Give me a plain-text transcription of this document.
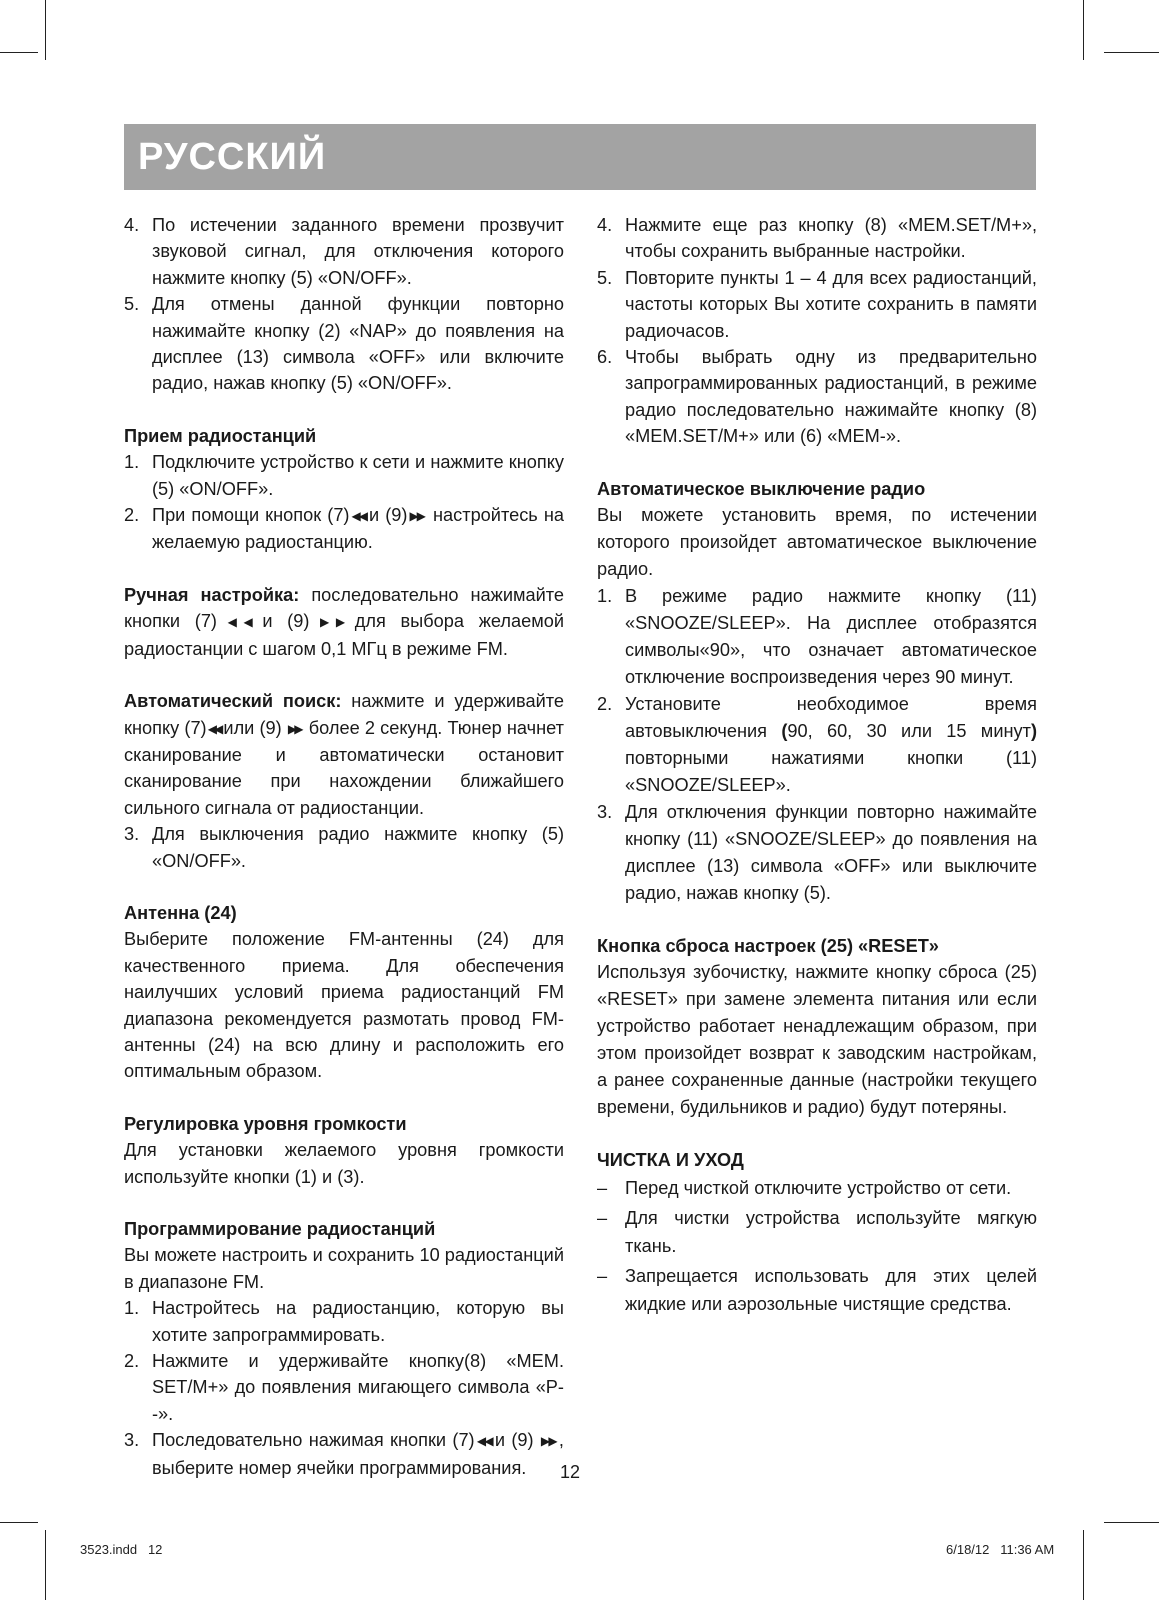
РУССКИЙ
4. По истечении заданного времени прозвучит звуковой сигнал, для отключения которого нажмите кнопку (5) «ON/OFF».
5. Для отмены данной функции повторно нажимайте кнопку (2) «NAP» до появления на дисплее (13) символа «OFF» или включите радио, нажав кнопку (5) «ON/OFF».

Прием радиостанций

1. Подключите устройство к сети и нажмите кнопку (5) «ON/OFF».
2. При помощи кнопок (7)◀◀ и (9)▶▶ настройтесь на желаемую радиостанцию.

Ручная настройка: последовательно нажимайте кнопки (7)◀◀ и (9)▶▶ для выбора желаемой радиостанции с шагом 0,1 МГц в режиме FM.

Автоматический поиск: нажмите и удерживайте кнопку (7)◀◀ или (9) ▶▶ более 2 секунд. Тюнер начнет сканирование и автоматически остановит сканирование при нахождении ближайшего сильного сигнала от радиостанции.

3. Для выключения радио нажмите кнопку (5) «ON/OFF».

Антенна (24)

Выберите положение FM-антенны (24) для качественного приема. Для обеспечения наилучших условий приема радиостанций FM диапазона рекомендуется размотать провод FM-антенны (24) на всю длину и расположить его оптимальным образом.

Регулировка уровня громкости

Для установки желаемого уровня громкости используйте кнопки (1) и (3).

Программирование радиостанций

Вы можете настроить и сохранить 10 радиостанций в диапазоне FM.

1. Настройтесь на радиостанцию, которую вы хотите запрограммировать.
2. Нажмите и удерживайте кнопку(8) «MEM. SET/M+» до появления мигающего символа «P--».
3. Последовательно нажимая кнопки (7)◀◀ и (9) ▶▶ , выберите номер ячейки программирования.
4. Нажмите еще раз кнопку (8) «MEM.SET/M+», чтобы сохранить выбранные настройки.
5. Повторите пункты 1 – 4 для всех радиостанций, частоты которых Вы хотите сохранить в памяти радиочасов.
6. Чтобы выбрать одну из предварительно запрограммированных радиостанций, в режиме радио последовательно нажимайте кнопку (8) «MEM.SET/M+» или (6) «MEM-».

Автоматическое выключение радио

Вы можете установить время, по истечении которого произойдет автоматическое выключение радио.

1. В режиме радио нажмите кнопку (11) «SNOOZE/SLEEP». На дисплее отобразятся символы«90», что означает автоматическое отключение воспроизведения через 90 минут.
2. Установите необходимое время автовыключения (90, 60, 30 или 15 минут) повторными нажатиями кнопки (11) «SNOOZE/SLEEP».
3. Для отключения функции повторно нажимайте кнопку (11) «SNOOZE/SLEEP» до появления на дисплее (13) символа «OFF» или выключите радио, нажав кнопку (5).

Кнопка сброса настроек (25) «RESET»

Используя зубочистку, нажмите кнопку сброса (25) «RESET» при замене элемента питания или если устройство работает ненадлежащим образом, при этом произойдет возврат к заводским настройкам, а ранее сохраненные данные (настройки текущего времени, будильников и радио) будут потеряны.

ЧИСТКА И УХОД

– Перед чисткой отключите устройство от сети.
– Для чистки устройства используйте мягкую ткань.
– Запрещается использовать для этих целей жидкие или аэрозольные чистящие средства.
12
3523.indd   12	6/18/12   11:36 AM
